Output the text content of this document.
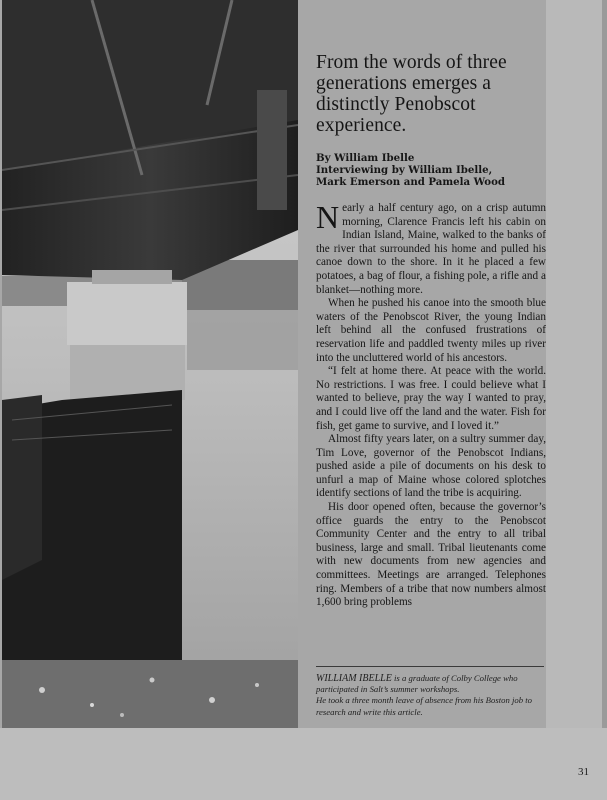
From the words of three generations emerges a distinctly Penobscot experience.
By William Ibelle
Interviewing by William Ibelle,
Mark Emerson and Pamela Wood

Nearly a half century ago, on a crisp autumn morning, Clarence Francis left his cabin on Indian Island, Maine, walked to the banks of the river that surrounded his home and pulled his canoe down to the shore. In it he placed a few potatoes, a bag of flour, a fishing pole, a rifle and a blanket—nothing more.

When he pushed his canoe into the smooth blue waters of the Penobscot River, the young Indian left behind all the confused frustrations of reservation life and paddled twenty miles up river into the uncluttered world of his ancestors.

“I felt at home there. At peace with the world. No restrictions. I was free. I could believe what I wanted to believe, pray the way I wanted to pray, and I could live off the land and the water. Fish for fish, get game to survive, and I loved it.”

Almost fifty years later, on a sultry summer day, Tim Love, governor of the Penobscot Indians, pushed aside a pile of documents on his desk to unfurl a map of Maine whose colored splotches identify sections of land the tribe is acquiring.

His door opened often, because the governor’s office guards the entry to the Penobscot Community Center and the entry to all tribal business, large and small. Tribal lieutenants come with new documents from new agencies and committees. Meetings are arranged. Telephones ring. Members of a tribe that now numbers almost 1,600 bring problems

WILLIAM IBELLE is a graduate of Colby College who participated in Salt’s summer workshops.
He took a three month leave of absence from his Boston job to research and write this article.
31
